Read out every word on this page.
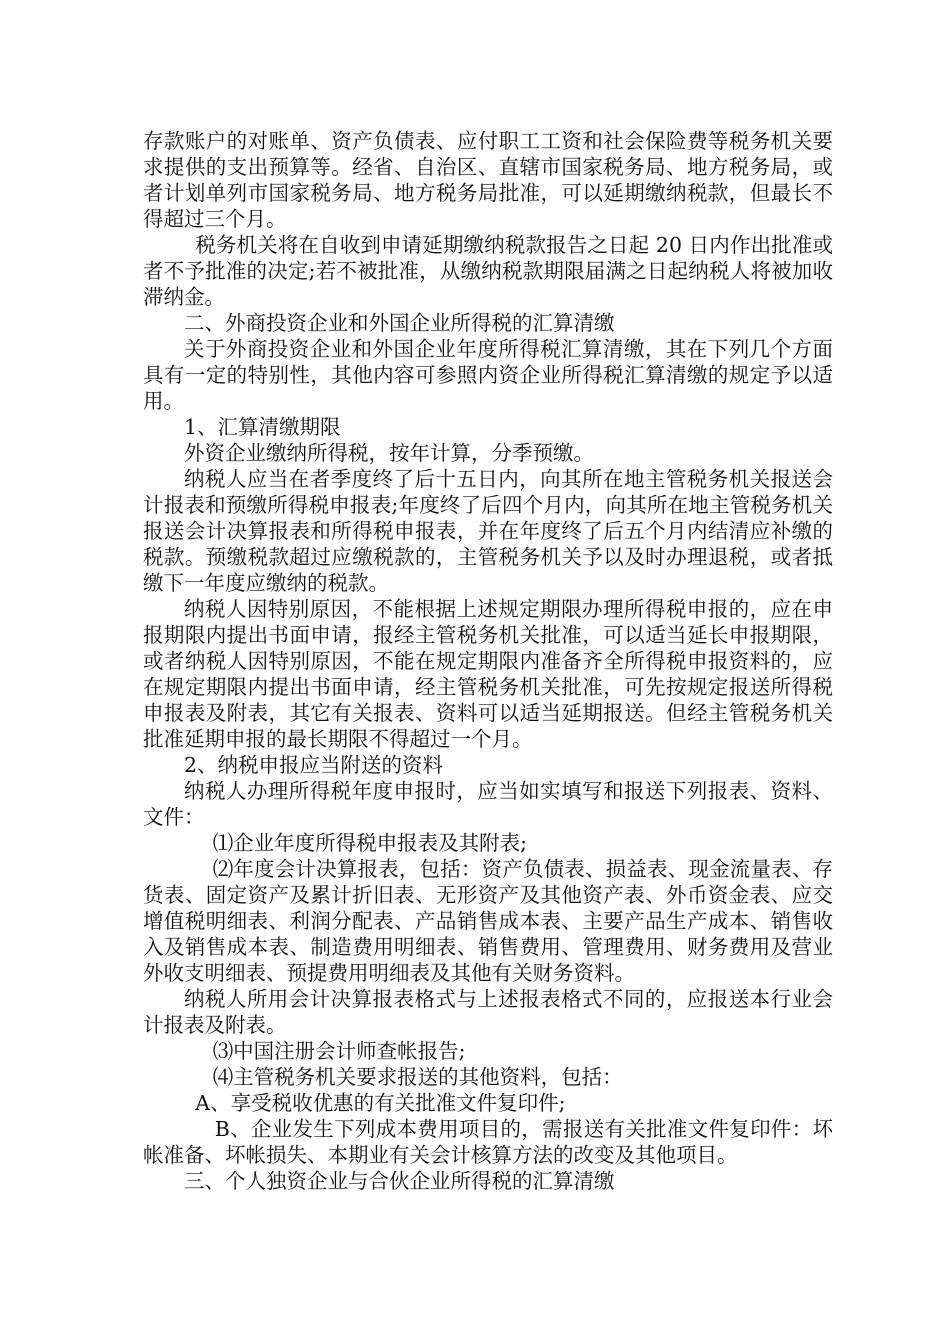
存款账户的对账单、资产负债表、应付职工工资和社会保险费等税务机关要求提供的支出预算等。经省、自治区、直辖市国家税务局、地方税务局，或者计划单列市国家税务局、地方税务局批准，可以延期缴纳税款，但最长不得超过三个月。

税务机关将在自收到申请延期缴纳税款报告之日起 20 日内作出批准或者不予批准的决定;若不被批准，从缴纳税款期限届满之日起纳税人将被加收滞纳金。

二、外商投资企业和外国企业所得税的汇算清缴

关于外商投资企业和外国企业年度所得税汇算清缴，其在下列几个方面具有一定的特别性，其他内容可参照内资企业所得税汇算清缴的规定予以适用。

1、汇算清缴期限

外资企业缴纳所得税，按年计算，分季预缴。

纳税人应当在者季度终了后十五日内，向其所在地主管税务机关报送会计报表和预缴所得税申报表;年度终了后四个月内，向其所在地主管税务机关报送会计决算报表和所得税申报表，并在年度终了后五个月内结清应补缴的税款。预缴税款超过应缴税款的，主管税务机关予以及时办理退税，或者抵缴下一年度应缴纳的税款。

纳税人因特别原因，不能根据上述规定期限办理所得税申报的，应在申报期限内提出书面申请，报经主管税务机关批准，可以适当延长申报期限，或者纳税人因特别原因，不能在规定期限内准备齐全所得税申报资料的，应在规定期限内提出书面申请，经主管税务机关批准，可先按规定报送所得税申报表及附表，其它有关报表、资料可以适当延期报送。但经主管税务机关批准延期申报的最长期限不得超过一个月。

2、纳税申报应当附送的资料

纳税人办理所得税年度申报时，应当如实填写和报送下列报表、资料、文件：

⑴企业年度所得税申报表及其附表;

⑵年度会计决算报表，包括：资产负债表、损益表、现金流量表、存货表、固定资产及累计折旧表、无形资产及其他资产表、外币资金表、应交增值税明细表、利润分配表、产品销售成本表、主要产品生产成本、销售收入及销售成本表、制造费用明细表、销售费用、管理费用、财务费用及营业外收支明细表、预提费用明细表及其他有关财务资料。

纳税人所用会计决算报表格式与上述报表格式不同的，应报送本行业会计报表及附表。

⑶中国注册会计师查帐报告;

⑷主管税务机关要求报送的其他资料，包括：

A、享受税收优惠的有关批准文件复印件;

B、企业发生下列成本费用项目的，需报送有关批准文件复印件：坏帐准备、坏帐损失、本期业有关会计核算方法的改变及其他项目。

三、个人独资企业与合伙企业所得税的汇算清缴
